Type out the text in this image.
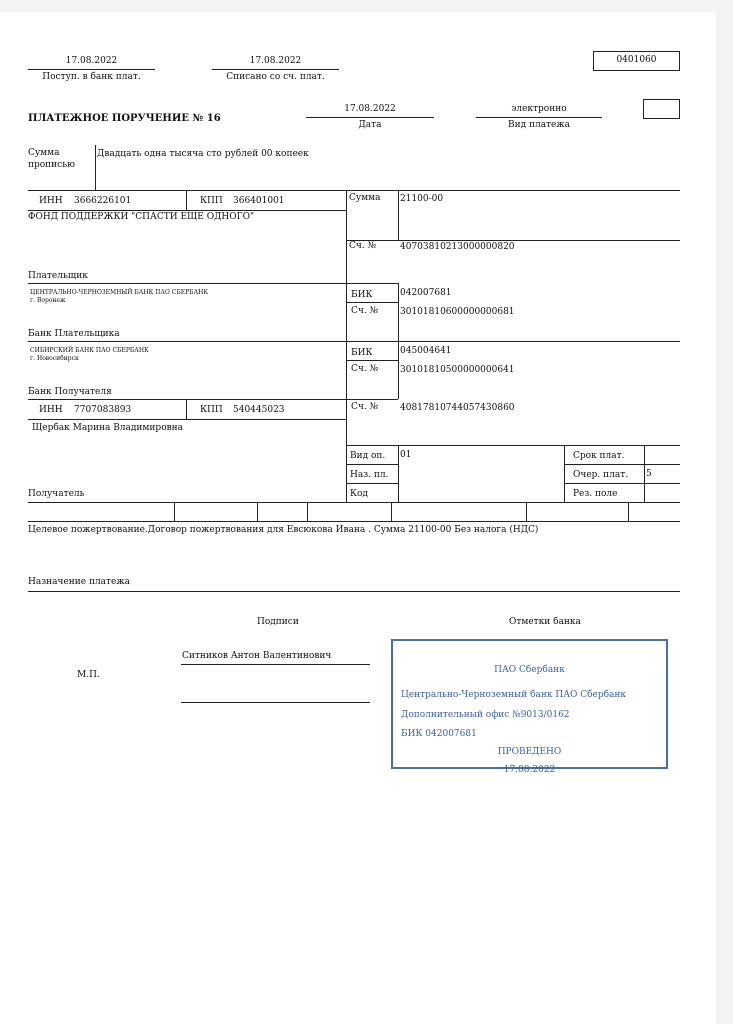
17.08.2022
Поступ. в банк плат.
17.08.2022
Списано со сч. плат.
0401060
ПЛАТЕЖНОЕ ПОРУЧЕНИЕ № 16
17.08.2022
Дата
электронно
Вид платежа
Сумма прописью
Двадцать одна тысяча сто рублей 00 копеек
ИНН 3666226101	КПП 366401001	Сумма 21100-00
ФОНД ПОДДЕРЖКИ "СПАСТИ ЕЩЕ ОДНОГО"
Сч. №	40703810213000000820
Плательщик
ЦЕНТРАЛЬНО-ЧЕРНОЗЕМНЫЙ БАНК ПАО СБЕРБАНК
г. Воронеж
БИК	042007681
Сч. № 30101810600000000681
Банк Плательщика
СИБИРСКИЙ БАНК ПАО СБЕРБАНК
г. Новосибирск
БИК	045004641
Сч. № 30101810500000000641
Банк Получателя
ИНН 7707083893	КПП 540445023	Сч. № 40817810744057430860
Щербак Марина Владимировна
Получатель
Вид оп. 01
Наз. пл.
Код
Срок плат.
Очер. плат. 5
Рез. поле
Целевое пожертвование.Договор пожертвования для Евсюкова Ивана . Сумма 21100-00 Без налога (НДС)
Назначение платежа
Подписи	Отметки банка
Ситников Антон Валентинович
М.П.	ПАО Сбербанк
Центрально-Черноземный банк ПАО Сбербанк
Дополнительный офис №9013/0162
БИК 042007681
ПРОВЕДЕНО
17.08.2022
